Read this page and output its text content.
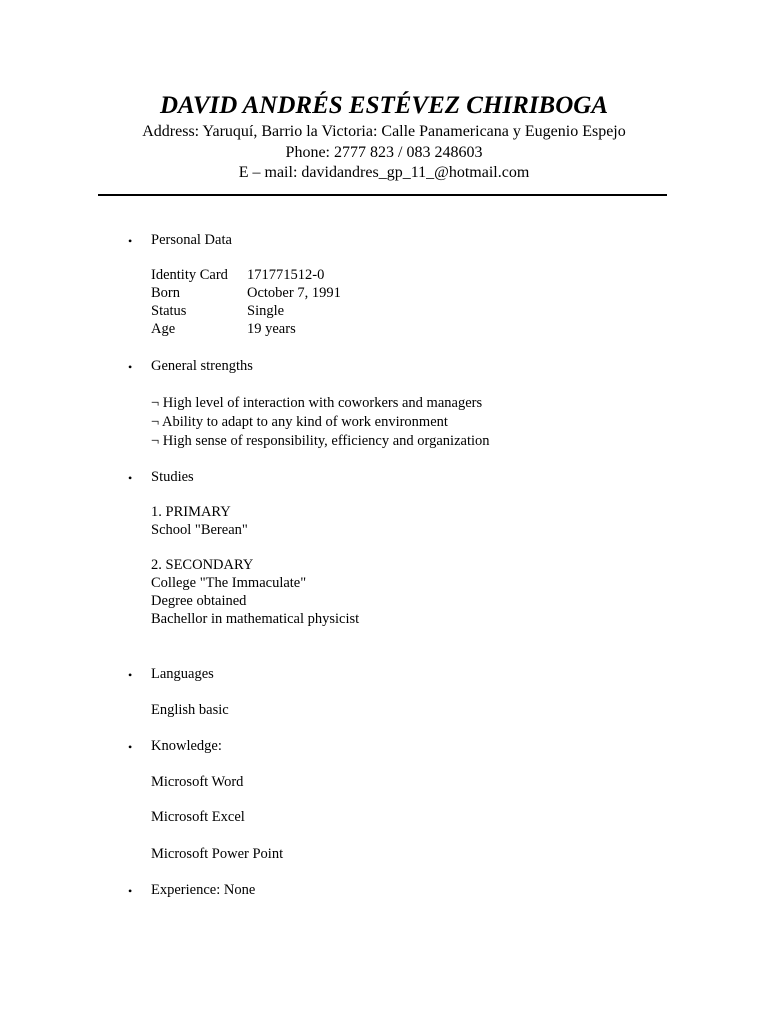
DAVID ANDRÉS ESTÉVEZ CHIRIBOGA

Address: Yaruquí, Barrio la Victoria: Calle Panamericana y Eugenio Espejo

Phone: 2777 823 / 083 248603

E – mail: davidandres_gp_11_@hotmail.com

• Personal Data
Identity Card 171771512-0
Born	October 7, 1991
Status	Single
Age	19 years
• General strengths
¬ High level of interaction with coworkers and managers
¬ Ability to adapt to any kind of work environment
¬ High sense of responsibility, efficiency and organization
• Studies
1. PRIMARY
School "Berean"
2. SECONDARY
College "The Immaculate"
Degree obtained
Bachellor in mathematical physicist
• Languages
English basic
• Knowledge:
Microsoft Word
Microsoft Excel
Microsoft Power Point
• Experience: None
